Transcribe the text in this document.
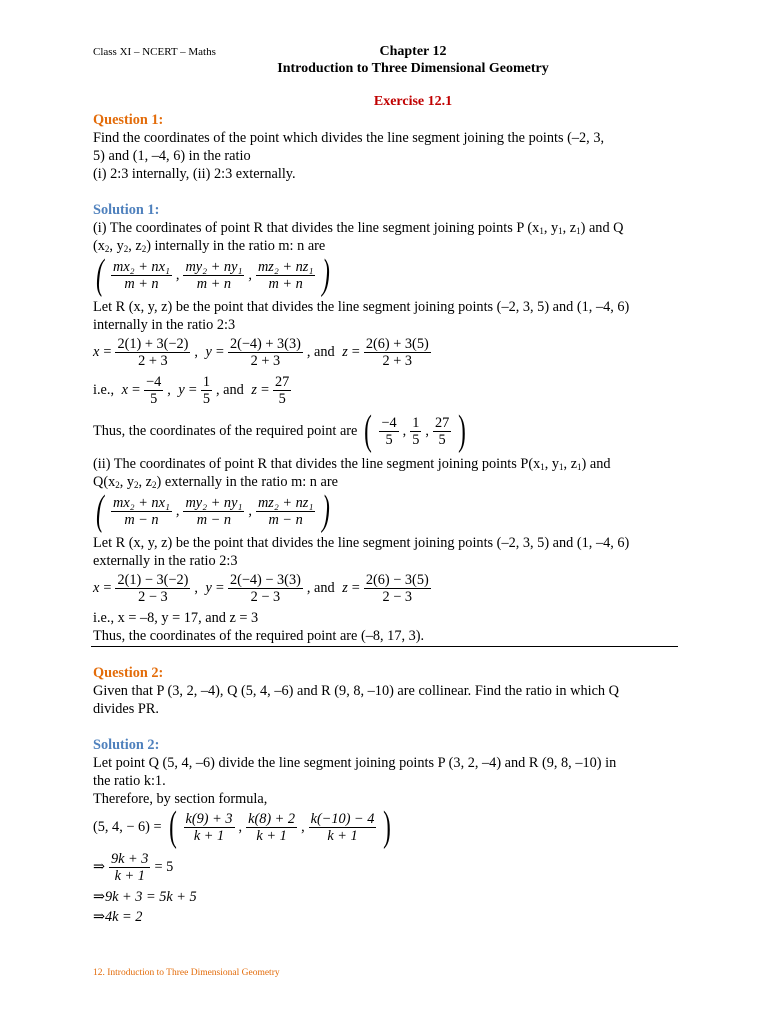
Class XI – NCERT – Maths	Chapter 12
Introduction to Three Dimensional Geometry
Exercise 12.1
Question 1:
Find the coordinates of the point which divides the line segment joining the points (–2, 3,
5) and (1, –4, 6) in the ratio
(i) 2:3 internally, (ii) 2:3 externally.
Solution 1:
(i) The coordinates of point R that divides the line segment joining points P ($x_1$, $y_1$, $z_1$) and Q
($x_2$, $y_2$, $z_2$) internally in the ratio m: n are
( $\frac{\text{mx₂ + nx₁}}{m + n}$ , $\frac{\text{my₂ + ny₁}}{m + n}$ , $\frac{\text{mz₂ + nz₁}}{m + n}$ )
Let R (x, y, z) be the point that divides the line segment joining points (–2, 3, 5) and (1, –4, 6)
internally in the ratio 2:3
$x = \frac{2(1) + 3(-2)}{2 + 3}$ , $y = \frac{2(-4) + 3(3)}{2 + 3}$ , and $z = \frac{2(6) + 3(5)}{2 + 3}$
i.e., $x = \frac{-4}{5}$ , $y = \frac{1}{5}$ , and $z = \frac{27}{5}$
Thus, the coordinates of the required point are ( $\frac{-4}{5}$ , $\frac{1}{5}$ , $\frac{27}{5}$ )
(ii) The coordinates of point R that divides the line segment joining points $P(x_1$, $y_1$, $z_1$) and
$Q(x_2$, $y_2$, $z_2$) externally in the ratio m: n are
( $\frac{\text{mx₂ + nx₁}}{m - n}$ , $\frac{\text{my₂ + ny₁}}{m - n}$ , $\frac{\text{mz₂ + nz₁}}{m - n}$ )
Let R (x, y, z) be the point that divides the line segment joining points (–2, 3, 5) and (1, –4, 6)
externally in the ratio 2:3
$x = \frac{2(1) - 3(-2)}{2 - 3}$ , $y = \frac{2(-4) - 3(3)}{2 - 3}$ , and $z = \frac{2(6) - 3(5)}{2 - 3}$
i.e., x = –8, y = 17, and z = 3
Thus, the coordinates of the required point are (–8, 17, 3).
Question 2:
Given that P (3, 2, –4), Q (5, 4, –6) and R (9, 8, –10) are collinear. Find the ratio in which Q
divides PR.
Solution 2:
Let point Q (5, 4, –6) divide the line segment joining points P (3, 2, –4) and R (9, 8, –10) in
the ratio k:1.
Therefore, by section formula,
(5, 4, − 6) = ( $\frac{k(9) + 3}{k + 1}$ , $\frac{k(8) + 2}{k + 1}$ , $\frac{k(-10) - 4}{k + 1}$ )
⇒ $\frac{9k + 3}{k + 1} = 5$
⇒9k + 3 = 5k + 5
⇒4k = 2
12. Introduction to Three Dimensional Geometry
